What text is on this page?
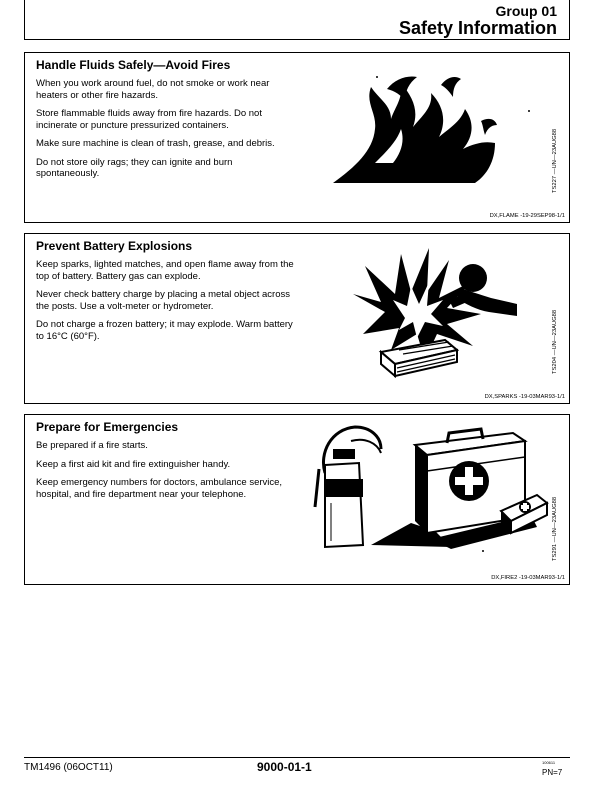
Group 01
Safety Information
Handle Fluids Safely—Avoid Fires

When you work around fuel, do not smoke or work near heaters or other fire hazards.

Store flammable fluids away from fire hazards. Do not incinerate or puncture pressurized containers.

Make sure machine is clean of trash, grease, and debris.

Do not store oily rags; they can ignite and burn spontaneously.	TS227 —UN—23AUG88
DX,FLAME -19-29SEP98-1/1
Prevent Battery Explosions

Keep sparks, lighted matches, and open flame away from the top of battery. Battery gas can explode.

Never check battery charge by placing a metal object across the posts. Use a volt-meter or hydrometer.

Do not charge a frozen battery; it may explode. Warm battery to 16°C (60°F).	TS204 —UN—23AUG88
DX,SPARKS -19-03MAR93-1/1
Prepare for Emergencies

Be prepared if a fire starts.

Keep a first aid kit and fire extinguisher handy.

Keep emergency numbers for doctors, ambulance service, hospital, and fire department near your telephone.

TS291 —UN—23AUG88
DX,FIRE2 -19-03MAR93-1/1
TM1496 (06OCT11)	9000-01-1	100611
PN=7
